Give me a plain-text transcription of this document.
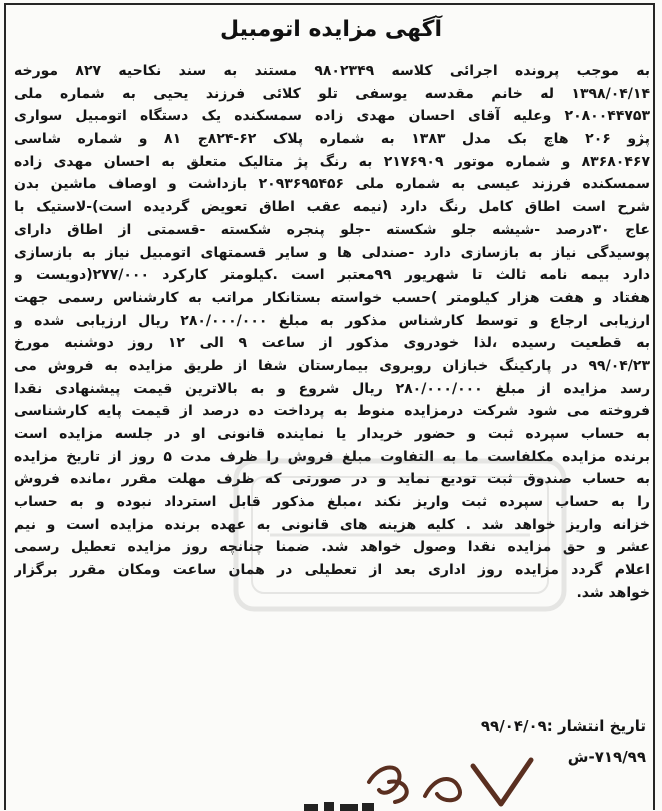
آگهی مزایده اتومبیل
به موجب پرونده اجرائی کلاسه ۹۸۰۲۳۴۹ مستند به سند نکاحیه ۸۲۷ مورخه
۱۳۹۸/۰۴/۱۴ له خانم مقدسه یوسفی تلو کلائی فرزند یحیی به شماره ملی
۲۰۸۰۰۴۴۷۵۳ وعلیه آقای احسان مهدی زاده سمسکنده یک دستگاه اتومبیل سواری
پژو ۲۰۶ هاچ بک مدل ۱۳۸۳ به شماره پلاک ۶۲-۸۲۴ج ۸۱ و شماره شاسی
۸۳۶۸۰۴۶۷ و شماره موتور ۲۱۷۶۹۰۹ به رنگ پژ متالیک متعلق به احسان مهدی زاده
سمسکنده فرزند عیسی به شماره ملی ۲۰۹۳۶۹۵۴۵۶ بازداشت و اوصاف ماشین بدن
شرح است اطاق کامل رنگ دارد (نیمه عقب اطاق تعویض گردیده است)-لاستیک با
عاج ۳۰درصد -شیشه جلو شکسته -جلو پنجره شکسته -قسمتی از اطاق دارای
پوسیدگی نیاز به بازسازی دارد -صندلی ها و سایر قسمتهای اتومبیل نیاز به بازسازی
دارد بیمه نامه ثالث تا شهریور ۹۹معتبر است .کیلومتر کارکرد ۲۷۷/۰۰۰(دویست و
هفتاد و هفت هزار کیلومتر )حسب خواسته بستانکار مراتب به کارشناس رسمی جهت
ارزیابی ارجاع و توسط کارشناس مذکور به مبلغ ۲۸۰/۰۰۰/۰۰۰ ریال ارزیابی شده و
به قطعیت رسیده ،لذا خودروی مذکور از ساعت ۹ الی ۱۲ روز دوشنبه مورخ
۹۹/۰۴/۲۳ در پارکینگ خبازان روبروی بیمارستان شفا از طریق مزایده به فروش می
رسد مزایده از مبلغ ۲۸۰/۰۰۰/۰۰۰ ریال شروع و به بالاترین قیمت پیشنهادی نقدا
فروخته می شود شرکت درمزایده منوط به پرداخت ده درصد از قیمت پایه کارشناسی
به حساب سپرده ثبت و حضور خریدار یا نماینده قانونی او در جلسه مزایده است
برنده مزایده مکلفاست ما به التفاوت مبلغ فروش را ظرف مدت ۵ روز از تاریخ مزایده
به حساب صندوق ثبت تودیع نماید و در صورتی که ظرف مهلت مقرر ،مانده فروش
را به حساب سپرده ثبت واریز نکند ،مبلغ مذکور قابل استرداد نبوده و به حساب
خزانه واریز خواهد شد . کلیه هزینه های قانونی به عهده برنده مزایده است و نیم
عشر و حق مزایده نقدا وصول خواهد شد. ضمنا چنانچه روز مزایده تعطیل رسمی
اعلام گردد مزایده روز اداری بعد از تعطیلی در همان ساعت ومکان مقرر برگزار
خواهد شد.
تاریخ انتشار :۹۹/۰۴/۰۹
۷۱۹/۹۹-ش
